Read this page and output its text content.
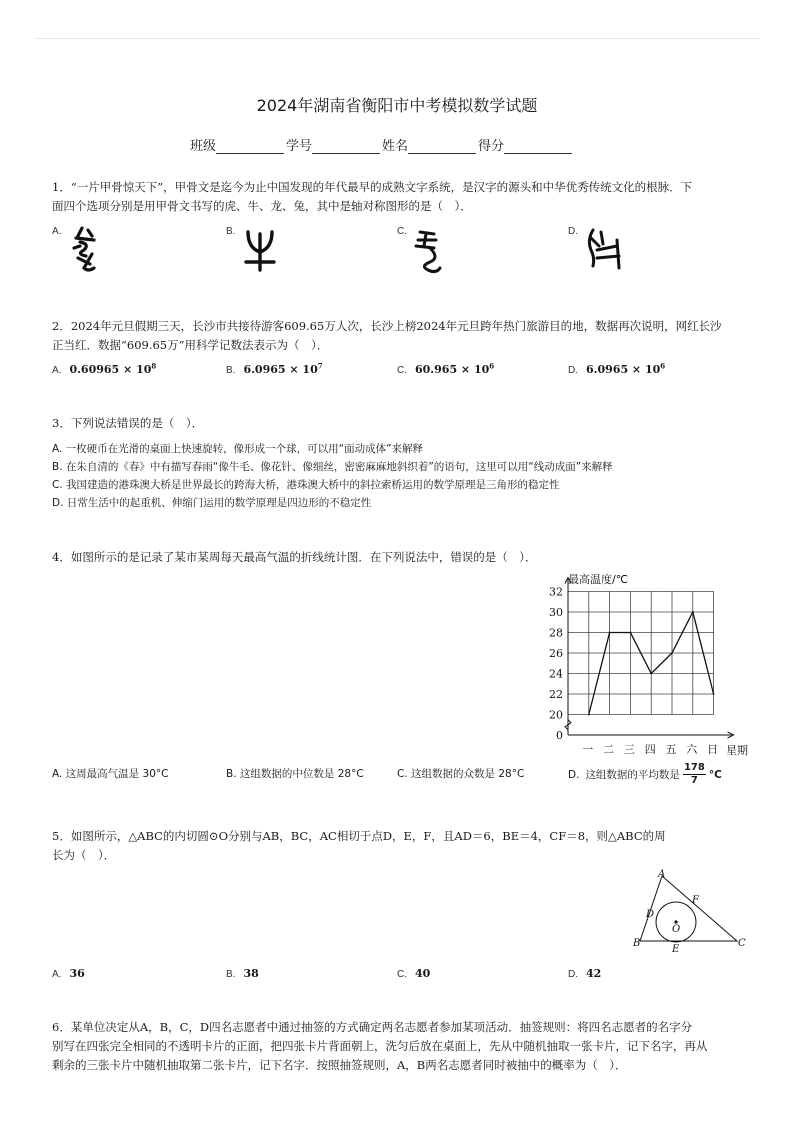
2024年湖南省衡阳市中考模拟数学试题
班级	学号	姓名	得分
1．“一片甲骨惊天下”，甲骨文是迄今为止中国发现的年代最早的成熟文字系统，是汉字的源头和中华优秀传统文化的根脉．下
面四个选项分别是用甲骨文书写的虎、牛、龙、兔，其中是轴对称图形的是（　）．
A.	B.	C.	D.
2．2024年元旦假期三天，长沙市共接待游客609.65万人次，长沙上榜2024年元旦跨年热门旅游目的地，数据再次说明，网红长沙
正当红．数据“609.65万”用科学记数法表示为（　）．
A. $0.60965 \times 10^8$	B. $6.0965 \times 10^7$	C. $60.965 \times 10^6$	D. $6.0965 \times 10^6$
3．下列说法错误的是（　）．
A. 一枚硬币在光滑的桌面上快速旋转，像形成一个球，可以用“面动成体”来解释
B. 在朱自清的《春》中有描写春雨“像牛毛、像花针、像细丝，密密麻麻地斜织着”的语句，这里可以用“线动成面”来解释
C. 我国建造的港珠澳大桥是世界最长的跨海大桥，港珠澳大桥中的斜拉索桥运用的数学原理是三角形的稳定性
D. 日常生活中的起重机、伸缩门运用的数学原理是四边形的不稳定性
4．如图所示的是记录了某市某周每天最高气温的折线统计图．在下列说法中，错误的是（　）．
最高温度/℃
星期
0
20
22
24
26
28
30
32
一 二 三 四 五 六 日
A. 这周最高气温是 30°C	B. 这组数据的中位数是 28°C	C. 这组数据的众数是 28°C	D. 这组数据的平均数是 $\frac{178}{7} ^\circ C$
5．如图所示，△ABC的内切圆⊙O分别与AB，BC，AC相切于点D，E，F，且AD＝6，BE＝4，CF＝8，则△ABC的周
长为（　）．
A
B	C
D
E
F
O
A. 36	B. 38	C. 40	D. 42
6．某单位决定从A，B，C，D四名志愿者中通过抽签的方式确定两名志愿者参加某项活动．抽签规则：将四名志愿者的名字分
别写在四张完全相同的不透明卡片的正面，把四张卡片背面朝上，洗匀后放在桌面上，先从中随机抽取一张卡片，记下名字，再从
剩余的三张卡片中随机抽取第二张卡片，记下名字．按照抽签规则，A，B两名志愿者同时被抽中的概率为（　）．
